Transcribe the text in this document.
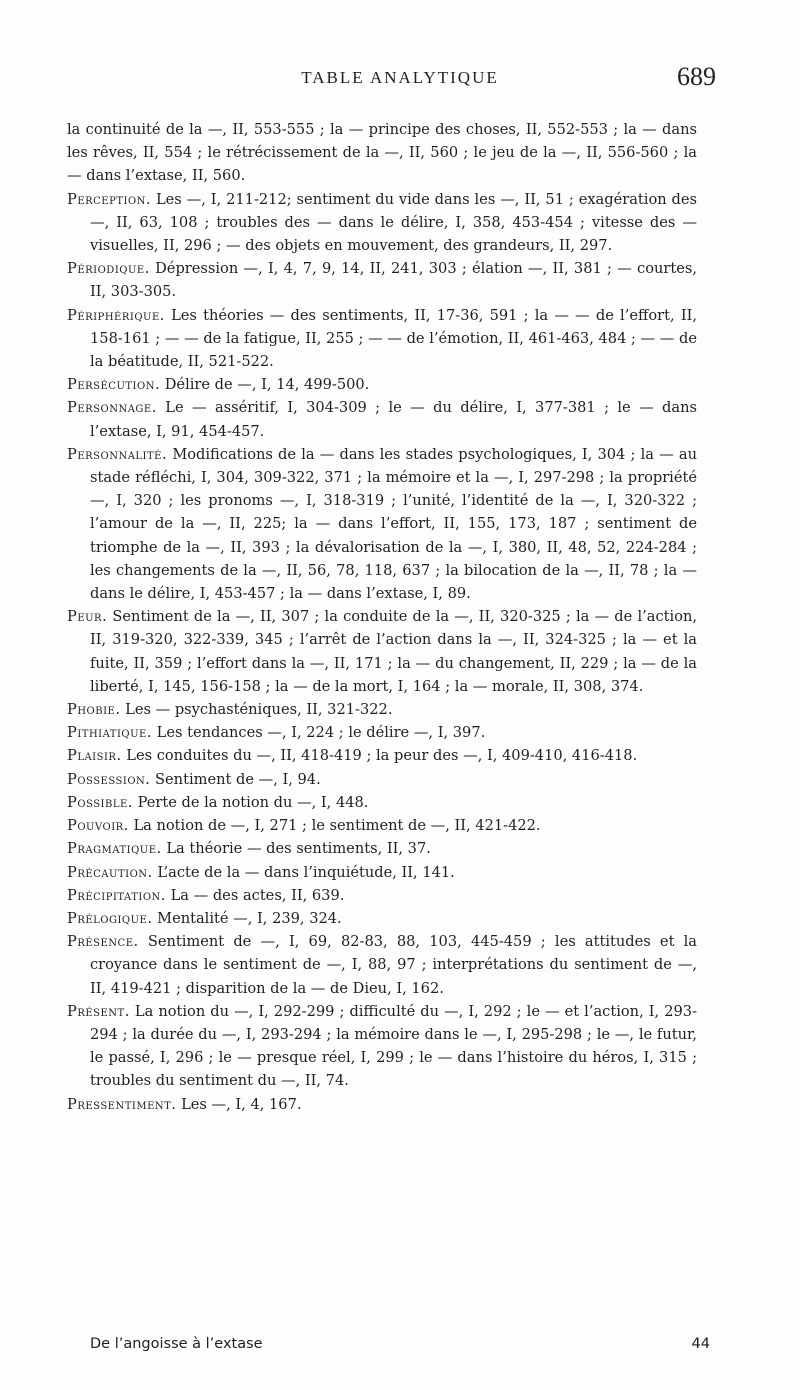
TABLE ANALYTIQUE	689

la continuité de la —, II, 553-555 ; la — principe des choses, II, 552-553 ; la — dans les rêves, II, 554 ; le rétrécissement de la —, II, 560 ; le jeu de la —, II, 556-560 ; la — dans l’extase, II, 560.

Perception. Les —, I, 211-212; sentiment du vide dans les —, II, 51 ; exagération des —, II, 63, 108 ; troubles des — dans le délire, I, 358, 453-454 ; vitesse des — visuelles, II, 296 ; — des objets en mouvement, des grandeurs, II, 297.

Périodique. Dépression —, I, 4, 7, 9, 14, II, 241, 303 ; élation —, II, 381 ; — courtes, II, 303-305.

Périphérique. Les théories — des sentiments, II, 17-36, 591 ; la — — de l’effort, II, 158-161 ; — — de la fatigue, II, 255 ; — — de l’émotion, II, 461-463, 484 ; — — de la béatitude, II, 521-522.

Persécution. Délire de —, I, 14, 499-500.

Personnage. Le — asséritif, I, 304-309 ; le — du délire, I, 377-381 ; le — dans l’extase, I, 91, 454-457.

Personnalité. Modifications de la — dans les stades psychologiques, I, 304 ; la — au stade réfléchi, I, 304, 309-322, 371 ; la mémoire et la —, I, 297-298 ; la propriété —, I, 320 ; les pronoms —, I, 318-319 ; l’unité, l’identité de la —, I, 320-322 ; l’amour de la —, II, 225; la — dans l’effort, II, 155, 173, 187 ; sentiment de triomphe de la —, II, 393 ; la dévalorisation de la —, I, 380, II, 48, 52, 224-284 ; les changements de la —, II, 56, 78, 118, 637 ; la bilocation de la —, II, 78 ; la — dans le délire, I, 453-457 ; la — dans l’extase, I, 89.

Peur. Sentiment de la —, II, 307 ; la conduite de la —, II, 320-325 ; la — de l’action, II, 319-320, 322-339, 345 ; l’arrêt de l’action dans la —, II, 324-325 ; la — et la fuite, II, 359 ; l’effort dans la —, II, 171 ; la — du changement, II, 229 ; la — de la liberté, I, 145, 156-158 ; la — de la mort, I, 164 ; la — morale, II, 308, 374.

Phobie. Les — psychasténiques, II, 321-322.

Pithiatique. Les tendances —, I, 224 ; le délire —, I, 397.

Plaisir. Les conduites du —, II, 418-419 ; la peur des —, I, 409-410, 416-418.

Possession. Sentiment de —, I, 94.

Possible. Perte de la notion du —, I, 448.

Pouvoir. La notion de —, I, 271 ; le sentiment de —, II, 421-422.

Pragmatique. La théorie — des sentiments, II, 37.

Précaution. L’acte de la — dans l’inquiétude, II, 141.

Précipitation. La — des actes, II, 639.

Prélogique. Mentalité —, I, 239, 324.

Présence. Sentiment de —, I, 69, 82-83, 88, 103, 445-459 ; les attitudes et la croyance dans le sentiment de —, I, 88, 97 ; interprétations du sentiment de —, II, 419-421 ; disparition de la — de Dieu, I, 162.

Présent. La notion du —, I, 292-299 ; difficulté du —, I, 292 ; le — et l’action, I, 293-294 ; la durée du —, I, 293-294 ; la mémoire dans le —, I, 295-298 ; le —, le futur, le passé, I, 296 ; le — presque réel, I, 299 ; le — dans l’histoire du héros, I, 315 ; troubles du sentiment du —, II, 74.

Pressentiment. Les —, I, 4, 167.

De l’angoisse à l’extase	44
